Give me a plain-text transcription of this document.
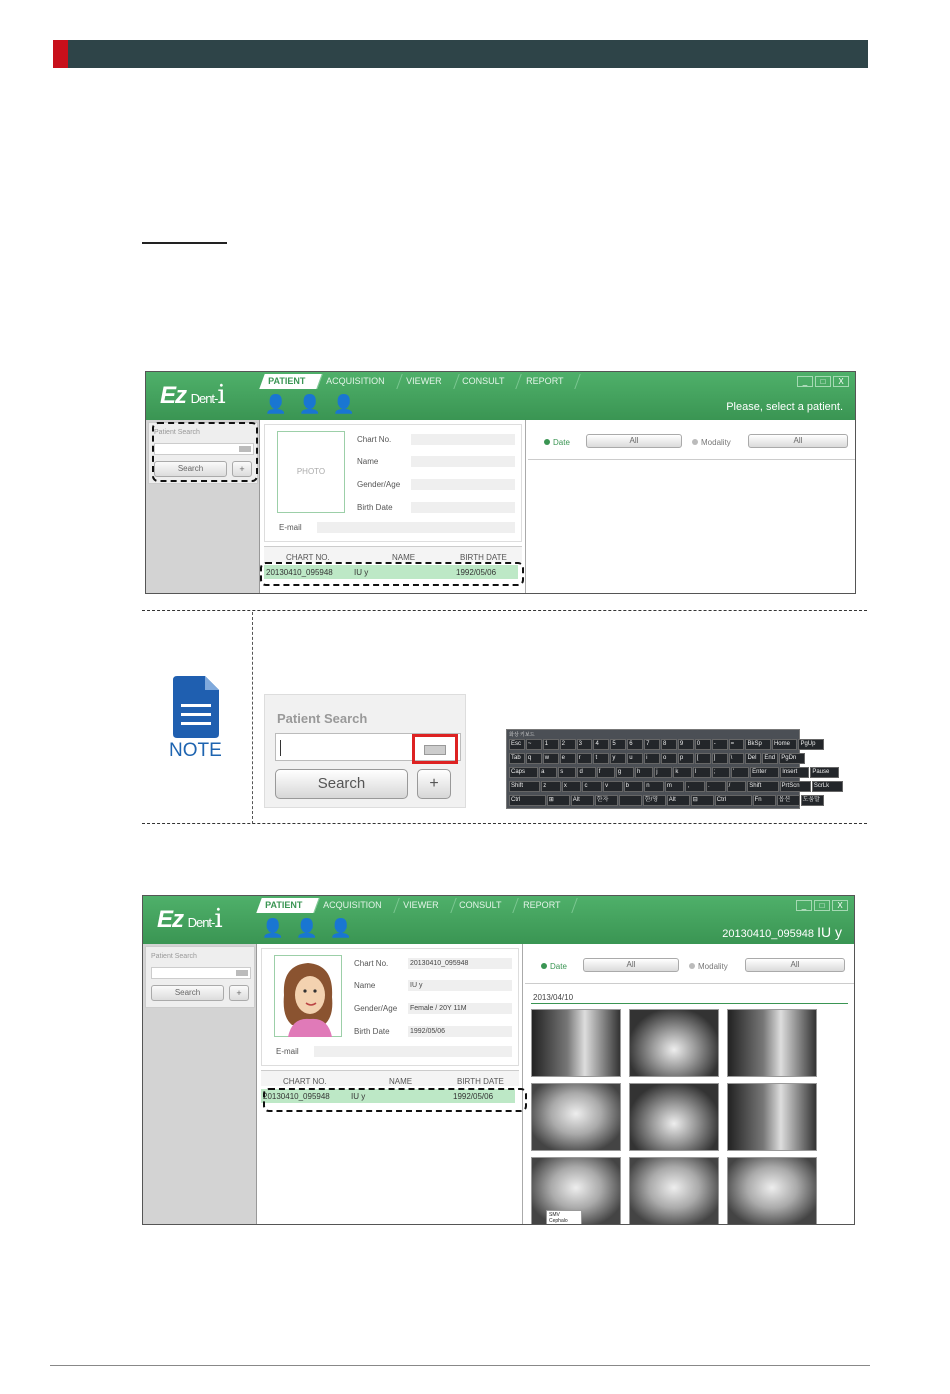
Ez Dent-i	PATIENT	ACQUISITION	VIEWER	CONSULT	REPORT
👤 👤 👤
_	□	X
Please, select a patient.
Patient Search
Search	+	PHOTO
Chart No.
Name
Gender/Age
Birth Date
E-mail
CHART NO.	NAME	BIRTH DATE
20130410_095948	IU y	1992/05/06
Date	All	Modality	All
NOTE
Patient Search
Search	+
화상 키보드
Esc	~	1	2	3	4	5	6	7	8	9	0	-	=	BkSp	Home	PgUp
Tab	q	w	e	r	t	y	u	i	o	p	[	]	\	Del	End	PgDn
Caps	a	s	d	f	g	h	j	k	l	;	'	Enter	Insert	Pause
Shift	z	x	c	v	b	n	m	,	.	/	Shift	PrtScn	ScrLk
Ctrl	⊞	Alt	한자	한/영	Alt	⊟	Ctrl	Fn	옵션	도움말
Ez Dent-i	PATIENT	ACQUISITION	VIEWER	CONSULT	REPORT
👤 👤 👤
_	□	X
20130410_095948 IU y
Patient Search
Search	+
Chart No.	20130410_095948
Name	IU y
Gender/Age Female / 20Y 11M
Birth Date	1992/05/06
E-mail
CHART NO.	NAME	BIRTH DATE
20130410_095948	IU y	1992/05/06
Date	All	Modality	All
2013/04/10
SMV Cephalo
